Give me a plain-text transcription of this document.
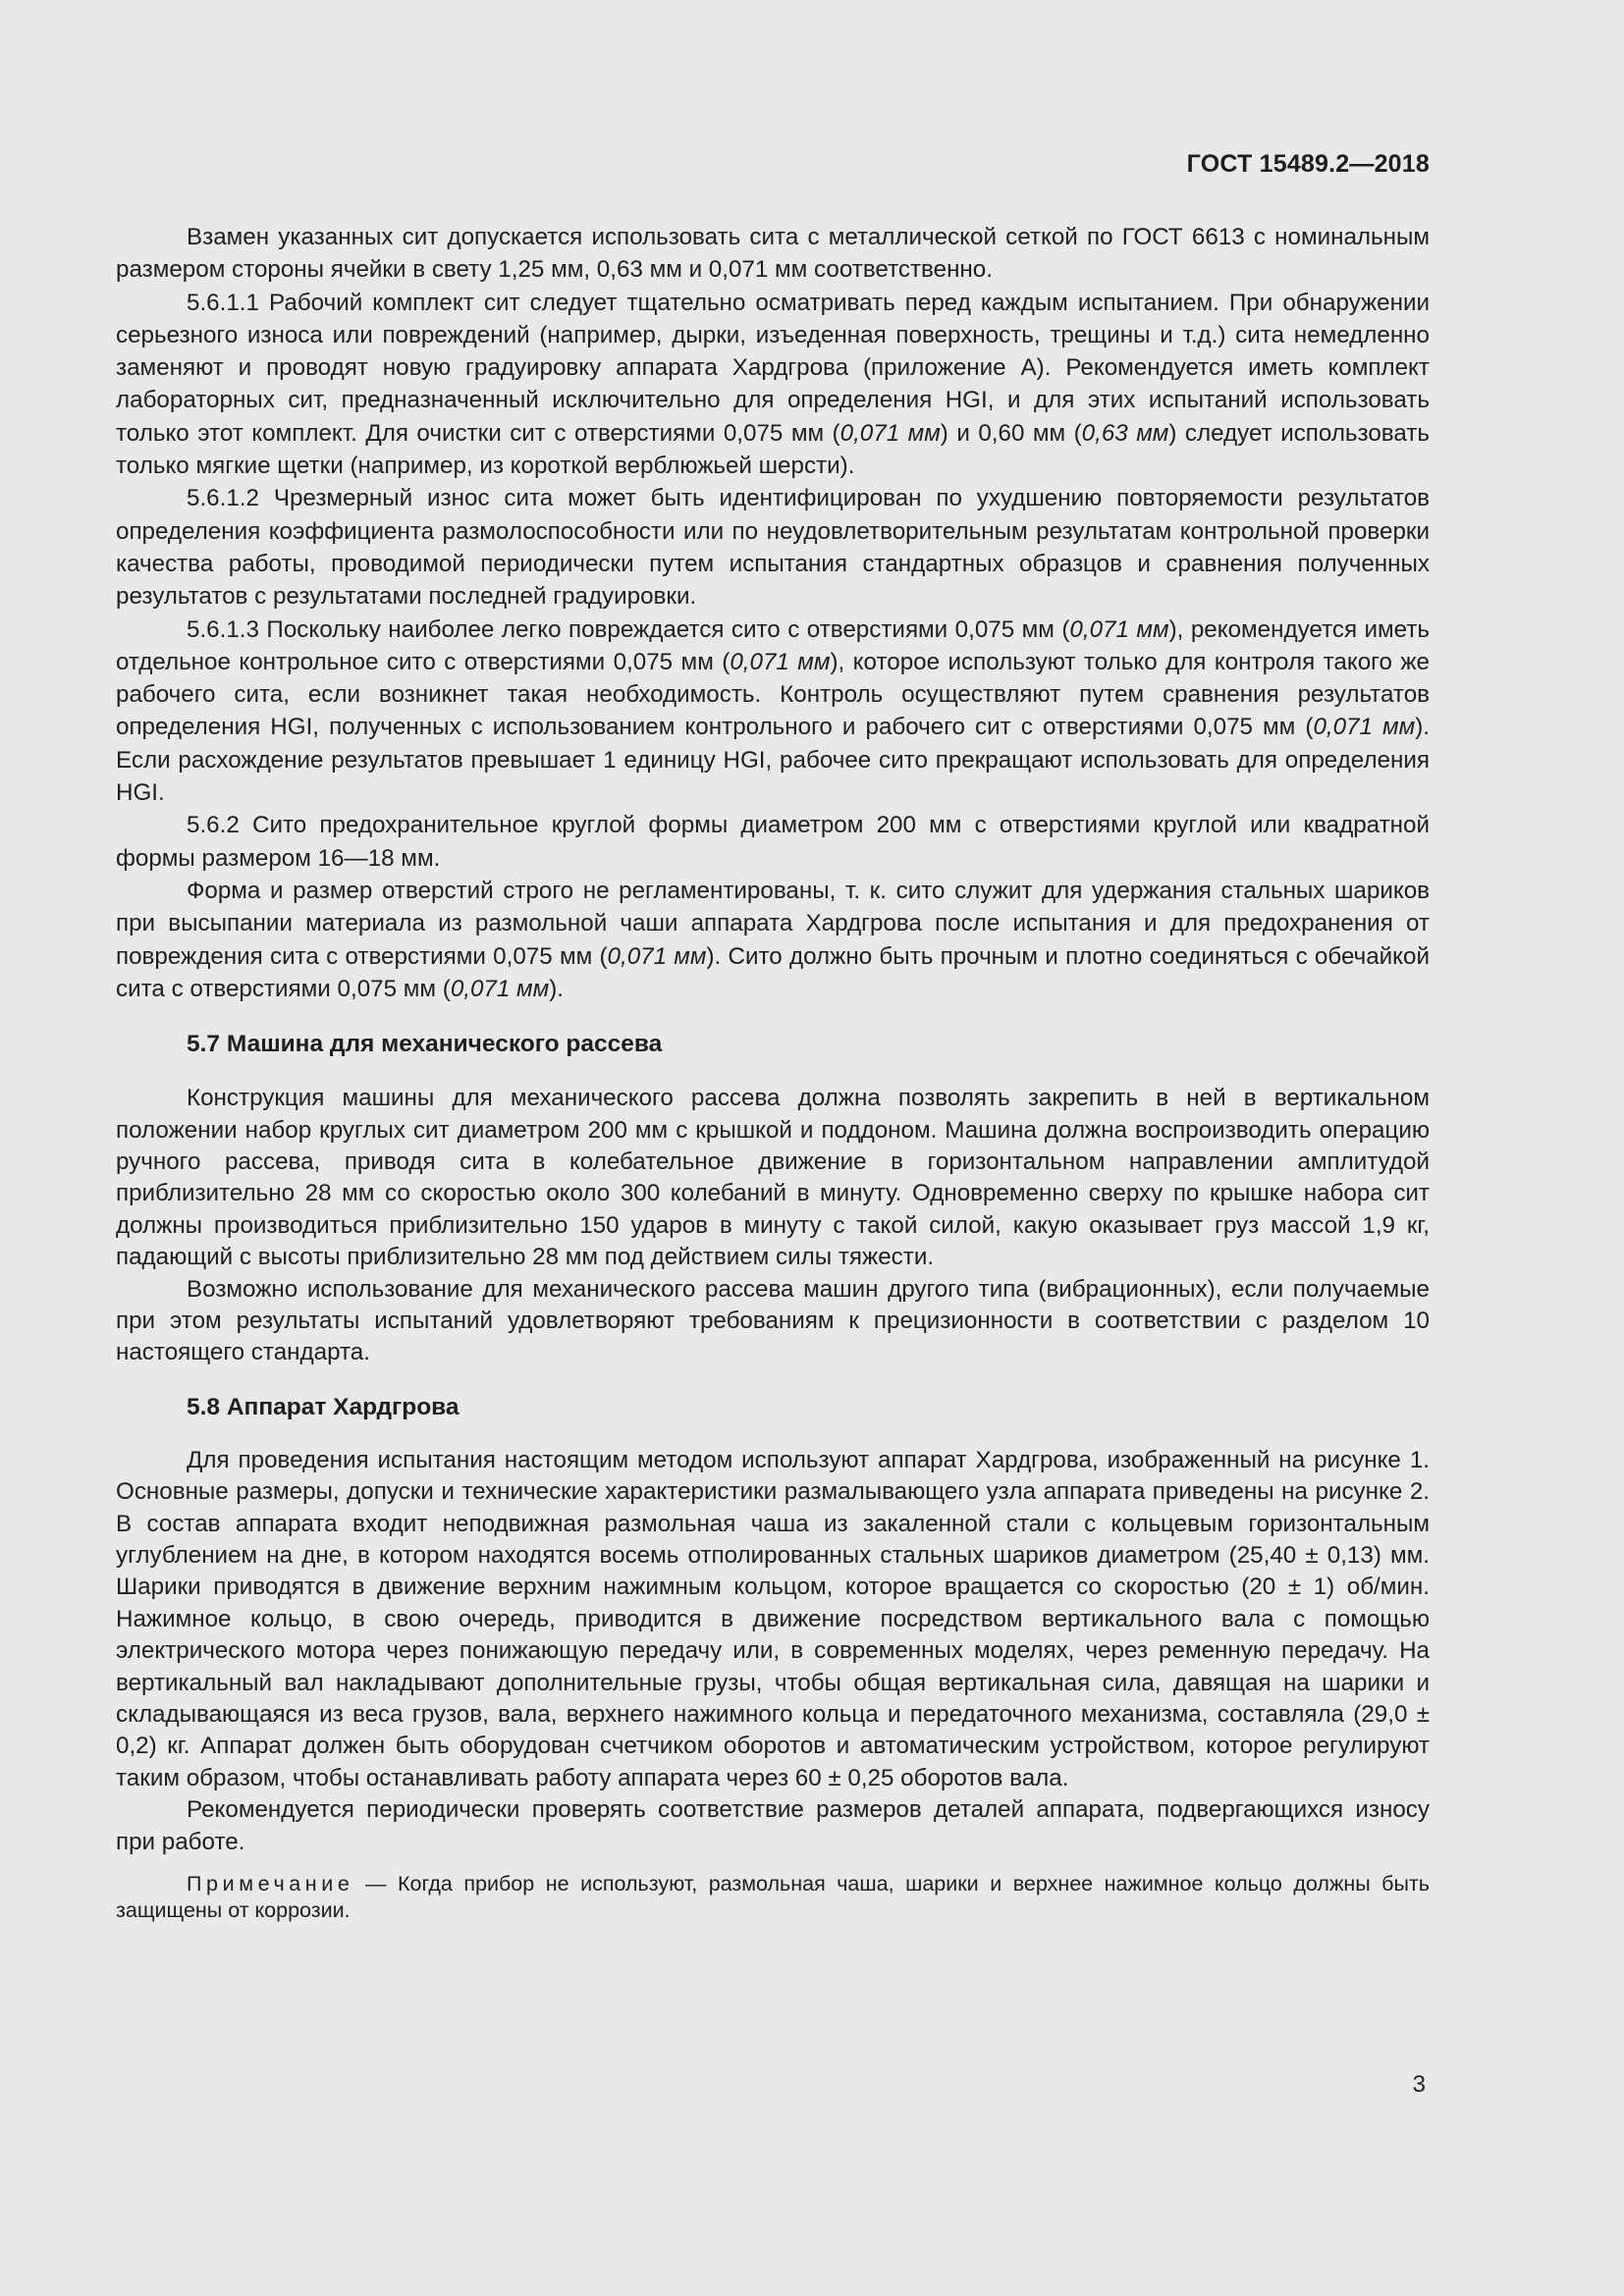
ГОСТ 15489.2—2018

Взамен указанных сит допускается использовать сита с металлической сеткой по ГОСТ 6613 с номинальным размером стороны ячейки в свету 1,25 мм, 0,63 мм и 0,071 мм соответственно.

5.6.1.1 Рабочий комплект сит следует тщательно осматривать перед каждым испытанием. При обнаружении серьезного износа или повреждений (например, дырки, изъеденная поверхность, трещины и т.д.) сита немедленно заменяют и проводят новую градуировку аппарата Хардгрова (приложение А). Рекомендуется иметь комплект лабораторных сит, предназначенный исключительно для определения HGI, и для этих испытаний использовать только этот комплект. Для очистки сит с отверстиями 0,075 мм (0,071 мм) и 0,60 мм (0,63 мм) следует использовать только мягкие щетки (например, из короткой верблюжьей шерсти).

5.6.1.2 Чрезмерный износ сита может быть идентифицирован по ухудшению повторяемости результатов определения коэффициента размолоспособности или по неудовлетворительным результатам контрольной проверки качества работы, проводимой периодически путем испытания стандартных образцов и сравнения полученных результатов с результатами последней градуировки.

5.6.1.3 Поскольку наиболее легко повреждается сито с отверстиями 0,075 мм (0,071 мм), рекомендуется иметь отдельное контрольное сито с отверстиями 0,075 мм (0,071 мм), которое используют только для контроля такого же рабочего сита, если возникнет такая необходимость. Контроль осуществляют путем сравнения результатов определения HGI, полученных с использованием контрольного и рабочего сит с отверстиями 0,075 мм (0,071 мм). Если расхождение результатов превышает 1 единицу HGI, рабочее сито прекращают использовать для определения HGI.

5.6.2 Сито предохранительное круглой формы диаметром 200 мм с отверстиями круглой или квадратной формы размером 16—18 мм.

Форма и размер отверстий строго не регламентированы, т. к. сито служит для удержания стальных шариков при высыпании материала из размольной чаши аппарата Хардгрова после испытания и для предохранения от повреждения сита с отверстиями 0,075 мм (0,071 мм). Сито должно быть прочным и плотно соединяться с обечайкой сита с отверстиями 0,075 мм (0,071 мм).

5.7 Машина для механического рассева

Конструкция машины для механического рассева должна позволять закрепить в ней в вертикальном положении набор круглых сит диаметром 200 мм с крышкой и поддоном. Машина должна воспроизводить операцию ручного рассева, приводя сита в колебательное движение в горизонтальном направлении амплитудой приблизительно 28 мм со скоростью около 300 колебаний в минуту. Одновременно сверху по крышке набора сит должны производиться приблизительно 150 ударов в минуту с такой силой, какую оказывает груз массой 1,9 кг, падающий с высоты приблизительно 28 мм под действием силы тяжести.

Возможно использование для механического рассева машин другого типа (вибрационных), если получаемые при этом результаты испытаний удовлетворяют требованиям к прецизионности в соответствии с разделом 10 настоящего стандарта.

5.8 Аппарат Хардгрова

Для проведения испытания настоящим методом используют аппарат Хардгрова, изображенный на рисунке 1. Основные размеры, допуски и технические характеристики размалывающего узла аппарата приведены на рисунке 2. В состав аппарата входит неподвижная размольная чаша из закаленной стали с кольцевым горизонтальным углублением на дне, в котором находятся восемь отполированных стальных шариков диаметром (25,40 ± 0,13) мм. Шарики приводятся в движение верхним нажимным кольцом, которое вращается со скоростью (20 ± 1) об/мин. Нажимное кольцо, в свою очередь, приводится в движение посредством вертикального вала с помощью электрического мотора через понижающую передачу или, в современных моделях, через ременную передачу. На вертикальный вал накладывают дополнительные грузы, чтобы общая вертикальная сила, давящая на шарики и складывающаяся из веса грузов, вала, верхнего нажимного кольца и передаточного механизма, составляла (29,0 ± 0,2) кг. Аппарат должен быть оборудован счетчиком оборотов и автоматическим устройством, которое регулируют таким образом, чтобы останавливать работу аппарата через 60 ± 0,25 оборотов вала.

Рекомендуется периодически проверять соответствие размеров деталей аппарата, подвергающихся износу при работе.

Примечание — Когда прибор не используют, размольная чаша, шарики и верхнее нажимное кольцо должны быть защищены от коррозии.
3
